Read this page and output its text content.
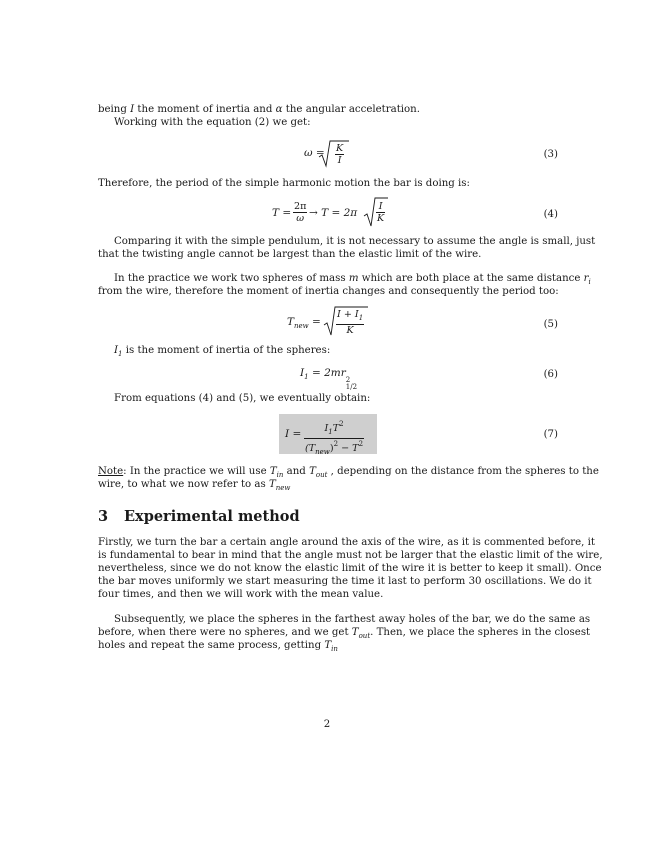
being I the moment of inertia and α the angular acceletration.
Working with the equation (2) we get:
ω = K
I
(3)
Therefore, the period of the simple harmonic motion the bar is doing is:
T =
2π
ω → T = 2π
I
K	(4)
Comparing it with the simple pendulum, it is not necessary to assume the angle is small, just
that the twisting angle cannot be largest than the elastic limit of the wire.
In the practice we work two spheres of mass m which are both place at the same distance $r_i$
from the wire, therefore the moment of inertia changes and consequently the period too:
$T_{new}$ =
$I + I_1$
K
(5)
$I_1$ is the moment of inertia of the spheres:
$I_1 = 2mr$
2
1/2
(6)
From equations (4) and (5), we eventually obtain:
$I = I_1T^2$
$(T_{new})^2 - T^2$
(7)
Note: In the practice we will use $T_{in}$ and $T_{out}$ , depending on the distance from the spheres to the
wire, to what we now refer to as $T_{new}$
3 Experimental method
Firstly, we turn the bar a certain angle around the axis of the wire, as it is commented before, it
is fundamental to bear in mind that the angle must not be larger that the elastic limit of the wire,
nevertheless, since we do not know the elastic limit of the wire it is better to keep it small). Once
the bar moves uniformly we start measuring the time it last to perform 30 oscillations. We do it
four times, and then we will work with the mean value.
Subsequently, we place the spheres in the farthest away holes of the bar, we do the same as
before, when there were no spheres, and we get $T_{out}$. Then, we place the spheres in the closest
holes and repeat the same process, getting $T_{in}$
2
